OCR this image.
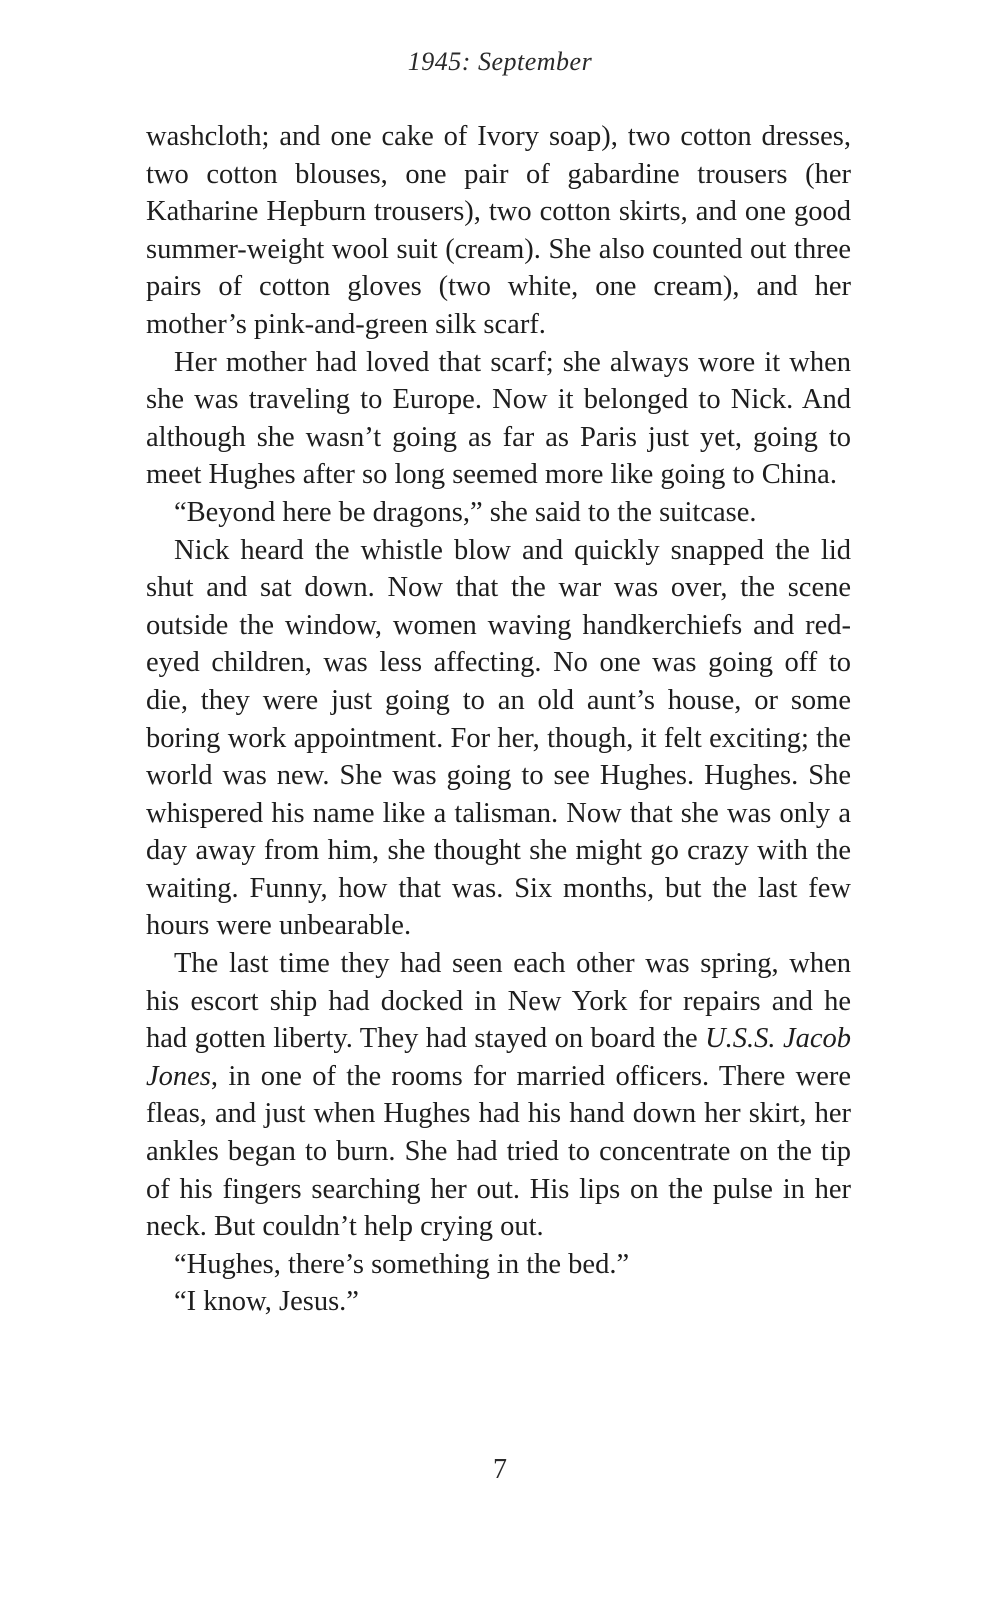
1945: September

washcloth; and one cake of Ivory soap), two cotton dresses, two cotton blouses, one pair of gabardine trousers (her Katharine Hepburn trousers), two cotton skirts, and one good summer-weight wool suit (cream). She also counted out three pairs of cotton gloves (two white, one cream), and her mother’s pink-and-green silk scarf.

Her mother had loved that scarf; she always wore it when she was traveling to Europe. Now it belonged to Nick. And although she wasn’t going as far as Paris just yet, going to meet Hughes after so long seemed more like going to China.

“Beyond here be dragons,” she said to the suitcase.

Nick heard the whistle blow and quickly snapped the lid shut and sat down. Now that the war was over, the scene outside the window, women waving handkerchiefs and red-eyed children, was less affecting. No one was going off to die, they were just going to an old aunt’s house, or some boring work appointment. For her, though, it felt exciting; the world was new. She was going to see Hughes. Hughes. She whispered his name like a talisman. Now that she was only a day away from him, she thought she might go crazy with the waiting. Funny, how that was. Six months, but the last few hours were unbearable.

The last time they had seen each other was spring, when his escort ship had docked in New York for repairs and he had gotten liberty. They had stayed on board the U.S.S. Jacob Jones, in one of the rooms for married officers. There were fleas, and just when Hughes had his hand down her skirt, her ankles began to burn. She had tried to concentrate on the tip of his fingers searching her out. His lips on the pulse in her neck. But couldn’t help crying out.

“Hughes, there’s something in the bed.”

“I know, Jesus.”

7
